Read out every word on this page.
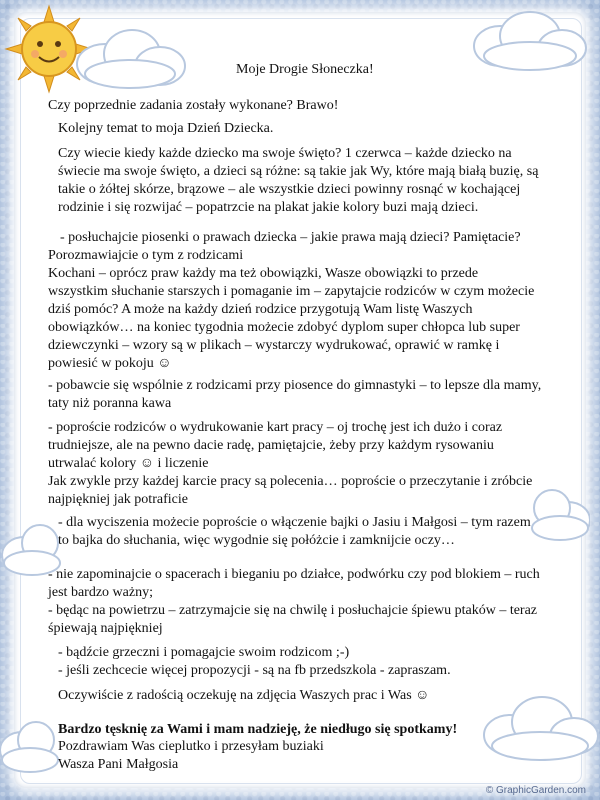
Moje Drogie Słoneczka!
Czy poprzednie zadania zostały wykonane? Brawo!
Kolejny temat to moja Dzień Dziecka.
Czy wiecie kiedy każde dziecko ma swoje święto? 1 czerwca – każde dziecko na
świecie ma swoje święto, a dzieci są różne: są takie jak Wy, które mają białą buzię, są
takie o żółtej skórze, brązowe – ale wszystkie dzieci powinny rosnąć w kochającej
rodzinie i się rozwijać – popatrzcie na plakat jakie kolory buzi mają dzieci.
- posłuchajcie piosenki o prawach dziecka – jakie prawa mają dzieci? Pamiętacie?
Porozmawiajcie o tym z rodzicami
Kochani – oprócz praw każdy ma też obowiązki, Wasze obowiązki to przede
wszystkim słuchanie starszych i pomaganie im – zapytajcie rodziców w czym możecie
dziś pomóc? A może na każdy dzień rodzice przygotują Wam listę Waszych
obowiązków… na koniec tygodnia możecie zdobyć dyplom super chłopca lub super
dziewczynki – wzory są w plikach – wystarczy wydrukować, oprawić w ramkę i
powiesić w pokoju ☺
- pobawcie się wspólnie z rodzicami przy piosence do gimnastyki – to lepsze dla mamy,
taty niż poranna kawa
- poproście rodziców o wydrukowanie kart pracy – oj trochę jest ich dużo i coraz
trudniejsze, ale na pewno dacie radę, pamiętajcie, żeby przy każdym rysowaniu
utrwalać kolory ☺ i liczenie
Jak zwykle przy każdej karcie pracy są polecenia… poproście o przeczytanie i zróbcie
najpiękniej jak potraficie
- dla wyciszenia możecie poproście o włączenie bajki o Jasiu i Małgosi – tym razem
to bajka do słuchania, więc wygodnie się połóżcie i zamknijcie oczy…
- nie zapominajcie o spacerach i bieganiu po działce, podwórku czy pod blokiem – ruch
jest bardzo ważny;
- będąc na powietrzu – zatrzymajcie się na chwilę i posłuchajcie śpiewu ptaków – teraz
śpiewają najpiękniej
- bądźcie grzeczni i pomagajcie swoim rodzicom ;-)
- jeśli zechcecie więcej propozycji - są na fb przedszkola - zapraszam.
Oczywiście z radością oczekuję na zdjęcia Waszych prac i Was ☺
Bardzo tęsknię za Wami i mam nadzieję, że niedługo się spotkamy!
Pozdrawiam Was cieplutko i przesyłam buziaki
Wasza Pani Małgosia
© GraphicGarden.com
